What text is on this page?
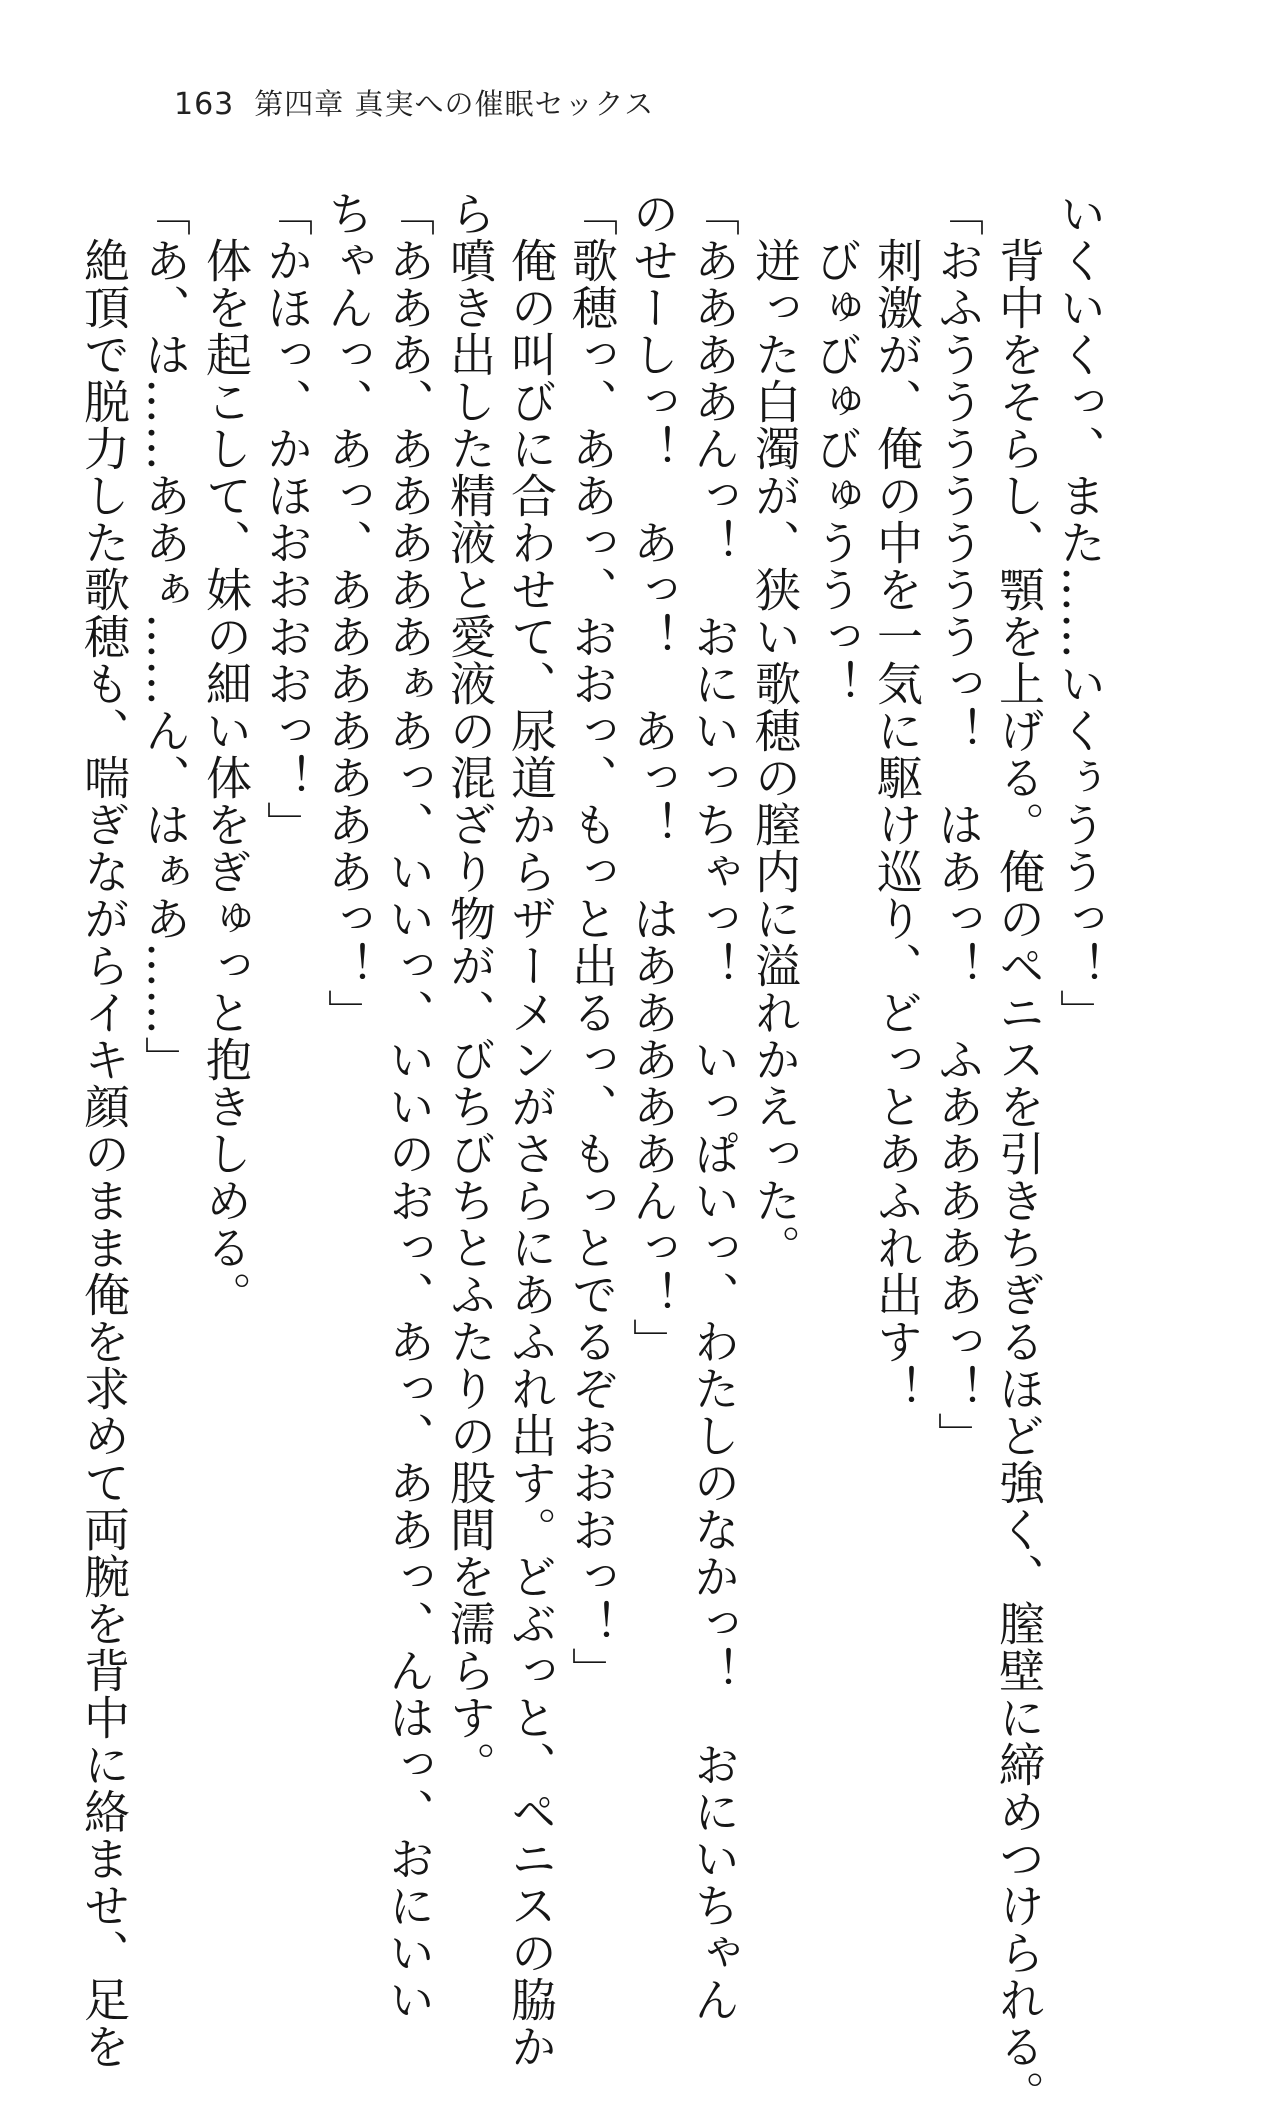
163 第四章 真実への催眠セックス
いくいくっ、また……いくぅううっ！」
　背中をそらし、顎を上げる。俺のペニスを引きちぎるほど強く、膣壁に締めつけられる。
「おふうううううううっ！　はあっ！　ふあああああっ！」
　刺激が、俺の中を一気に駆け巡り、どっとあふれ出す！
　びゅびゅびゅううっ！
　迸った白濁が、狭い歌穂の膣内に溢れかえった。
「ああああんっ！　おにいっちゃっ！　いっぱいっ、わたしのなかっ！　おにいちゃん
のせーしっ！　あっ！　あっ！　はあああああんっ！」
「歌穂っ、ああっ、おおっ、もっと出るっ、もっとでるぞおおおっ！」
　俺の叫びに合わせて、尿道からザーメンがさらにあふれ出す。どぶっと、ペニスの脇か
ら噴き出した精液と愛液の混ざり物が、びちびちとふたりの股間を濡らす。
「あああ、あああああぁあっ、いいっ、いいのおっ、あっ、ああっ、んはっ、おにいい
ちゃんっ、あっ、あああああああっ！」
「かほっ、かほおおおおっ！」
　体を起こして、妹の細い体をぎゅっと抱きしめる。
「あ、は……ああぁ……ん、はぁあ……」
　絶頂で脱力した歌穂も、喘ぎながらイキ顔のまま俺を求めて両腕を背中に絡ませ、足を
